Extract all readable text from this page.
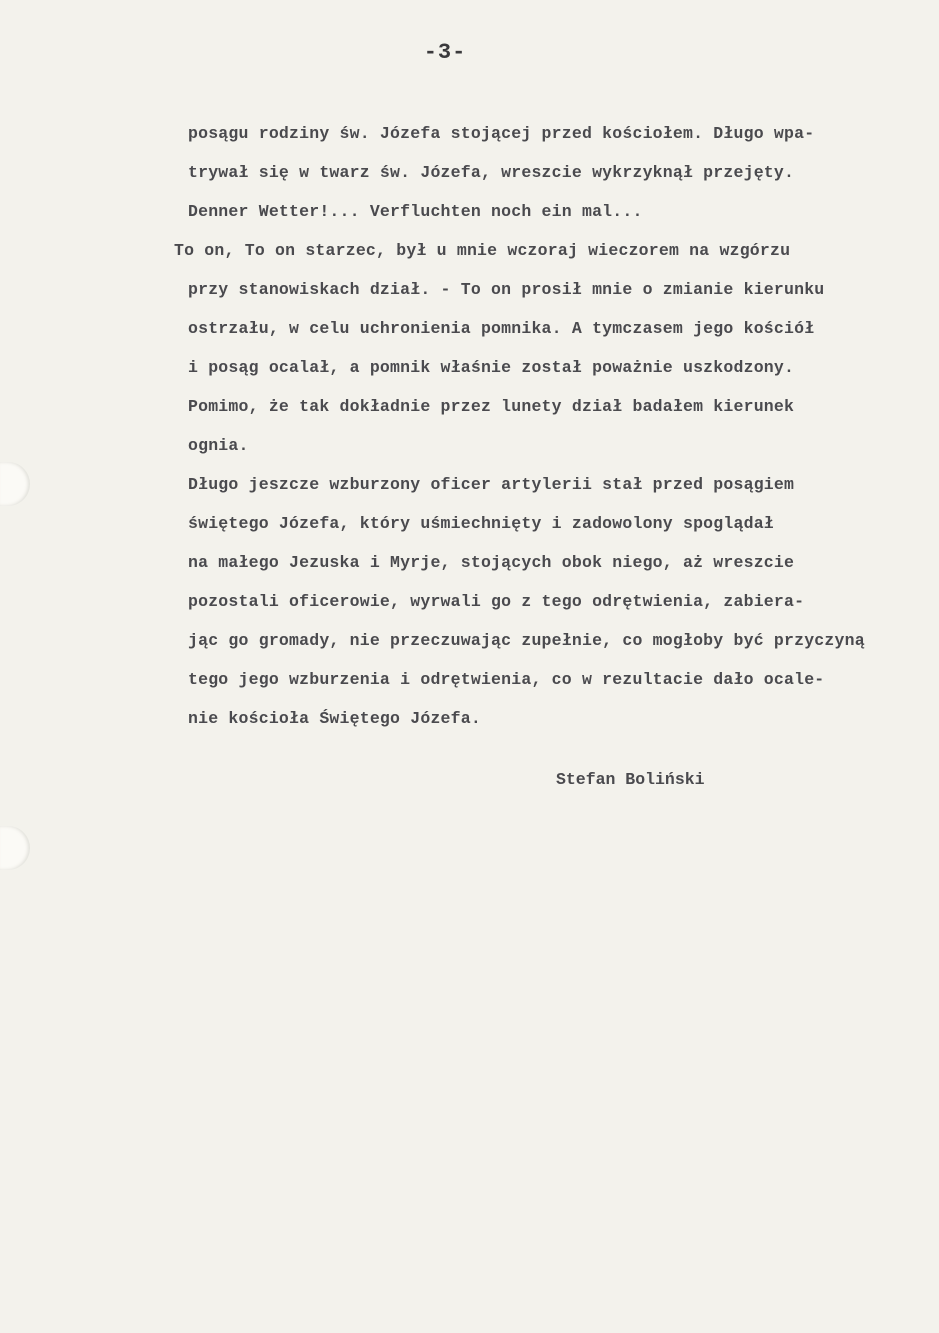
-3-
posągu rodziny św. Józefa stojącej przed kościołem. Długo wpa-
trywał się w twarz św. Józefa, wreszcie wykrzyknął przejęty.
Denner Wetter!... Verfluchten noch ein mal...
To on, To on starzec, był u mnie wczoraj wieczorem na wzgórzu
przy stanowiskach dział. - To on prosił mnie o zmianie kierunku
ostrzału, w celu uchronienia pomnika. A tymczasem jego kościół
i posąg ocalał, a pomnik właśnie został poważnie uszkodzony.
Pomimo, że tak dokładnie przez lunety dział badałem kierunek
ognia.
Długo jeszcze wzburzony oficer artylerii stał przed posągiem
świętego Józefa, który uśmiechnięty i zadowolony spoglądał
na małego Jezuska i Myrje, stojących obok niego, aż wreszcie
pozostali oficerowie, wyrwali go z tego odrętwienia, zabiera-
jąc go gromady, nie przeczuwając zupełnie, co mogłoby być przyczyną
tego jego wzburzenia i odrętwienia, co w rezultacie dało ocale-
nie kościoła Świętego Józefa.
Stefan Boliński
